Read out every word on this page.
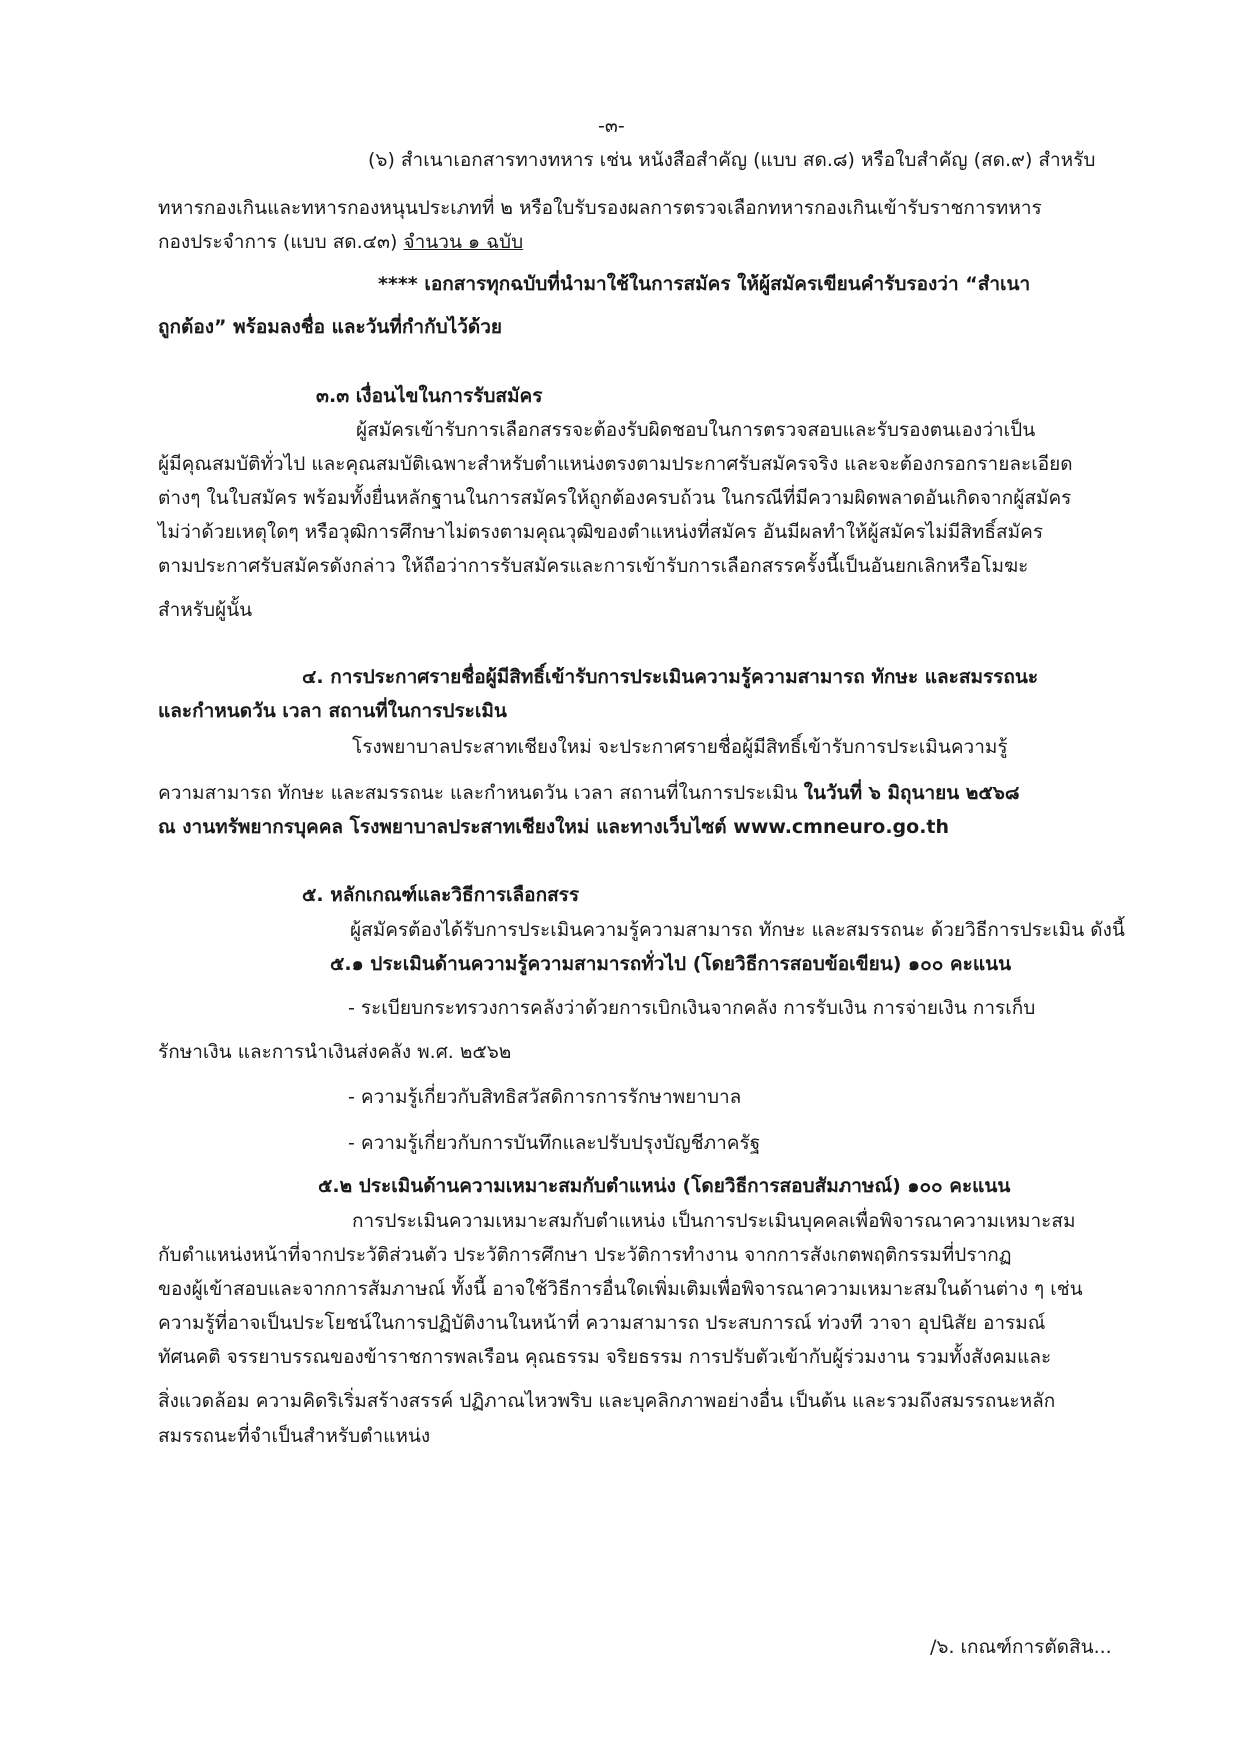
-๓-
(๖) สำเนาเอกสารทางทหาร เช่น หนังสือสำคัญ (แบบ สด.๘) หรือใบสำคัญ (สด.๙) สำหรับ
ทหารกองเกินและทหารกองหนุนประเภทที่ ๒ หรือใบรับรองผลการตรวจเลือกทหารกองเกินเข้ารับราชการทหาร
กองประจำการ (แบบ สด.๔๓) จำนวน ๑ ฉบับ
**** เอกสารทุกฉบับที่นำมาใช้ในการสมัคร ให้ผู้สมัครเขียนคำรับรองว่า “สำเนา
ถูกต้อง” พร้อมลงชื่อ และวันที่กำกับไว้ด้วย
๓.๓ เงื่อนไขในการรับสมัคร
ผู้สมัครเข้ารับการเลือกสรรจะต้องรับผิดชอบในการตรวจสอบและรับรองตนเองว่าเป็น
ผู้มีคุณสมบัติทั่วไป และคุณสมบัติเฉพาะสำหรับตำแหน่งตรงตามประกาศรับสมัครจริง และจะต้องกรอกรายละเอียด
ต่างๆ ในใบสมัคร พร้อมทั้งยื่นหลักฐานในการสมัครให้ถูกต้องครบถ้วน ในกรณีที่มีความผิดพลาดอันเกิดจากผู้สมัคร
ไม่ว่าด้วยเหตุใดๆ หรือวุฒิการศึกษาไม่ตรงตามคุณวุฒิของตำแหน่งที่สมัคร อันมีผลทำให้ผู้สมัครไม่มีสิทธิ์สมัคร
ตามประกาศรับสมัครดังกล่าว ให้ถือว่าการรับสมัครและการเข้ารับการเลือกสรรครั้งนี้เป็นอันยกเลิกหรือโมฆะ
สำหรับผู้นั้น
๔. การประกาศรายชื่อผู้มีสิทธิ์เข้ารับการประเมินความรู้ความสามารถ ทักษะ และสมรรถนะ
และกำหนดวัน เวลา สถานที่ในการประเมิน
โรงพยาบาลประสาทเชียงใหม่ จะประกาศรายชื่อผู้มีสิทธิ์เข้ารับการประเมินความรู้
ความสามารถ ทักษะ และสมรรถนะ และกำหนดวัน เวลา สถานที่ในการประเมิน ในวันที่ ๖ มิถุนายน ๒๕๖๘
ณ งานทรัพยากรบุคคล โรงพยาบาลประสาทเชียงใหม่ และทางเว็บไซต์ www.cmneuro.go.th
๕. หลักเกณฑ์และวิธีการเลือกสรร
ผู้สมัครต้องได้รับการประเมินความรู้ความสามารถ ทักษะ และสมรรถนะ ด้วยวิธีการประเมิน ดังนี้
๕.๑ ประเมินด้านความรู้ความสามารถทั่วไป (โดยวิธีการสอบข้อเขียน) ๑๐๐ คะแนน
- ระเบียบกระทรวงการคลังว่าด้วยการเบิกเงินจากคลัง การรับเงิน การจ่ายเงิน การเก็บ
รักษาเงิน และการนำเงินส่งคลัง พ.ศ. ๒๕๖๒
- ความรู้เกี่ยวกับสิทธิสวัสดิการการรักษาพยาบาล
- ความรู้เกี่ยวกับการบันทึกและปรับปรุงบัญชีภาครัฐ
๕.๒ ประเมินด้านความเหมาะสมกับตำแหน่ง (โดยวิธีการสอบสัมภาษณ์) ๑๐๐ คะแนน
การประเมินความเหมาะสมกับตำแหน่ง เป็นการประเมินบุคคลเพื่อพิจารณาความเหมาะสม
กับตำแหน่งหน้าที่จากประวัติส่วนตัว ประวัติการศึกษา ประวัติการทำงาน จากการสังเกตพฤติกรรมที่ปรากฏ
ของผู้เข้าสอบและจากการสัมภาษณ์ ทั้งนี้ อาจใช้วิธีการอื่นใดเพิ่มเติมเพื่อพิจารณาความเหมาะสมในด้านต่าง ๆ เช่น
ความรู้ที่อาจเป็นประโยชน์ในการปฏิบัติงานในหน้าที่ ความสามารถ ประสบการณ์ ท่วงที วาจา อุปนิสัย อารมณ์
ทัศนคติ จรรยาบรรณของข้าราชการพลเรือน คุณธรรม จริยธรรม การปรับตัวเข้ากับผู้ร่วมงาน รวมทั้งสังคมและ
สิ่งแวดล้อม ความคิดริเริ่มสร้างสรรค์ ปฏิภาณไหวพริบ และบุคลิกภาพอย่างอื่น เป็นต้น และรวมถึงสมรรถนะหลัก
สมรรถนะที่จำเป็นสำหรับตำแหน่ง
/๖. เกณฑ์การตัดสิน...
